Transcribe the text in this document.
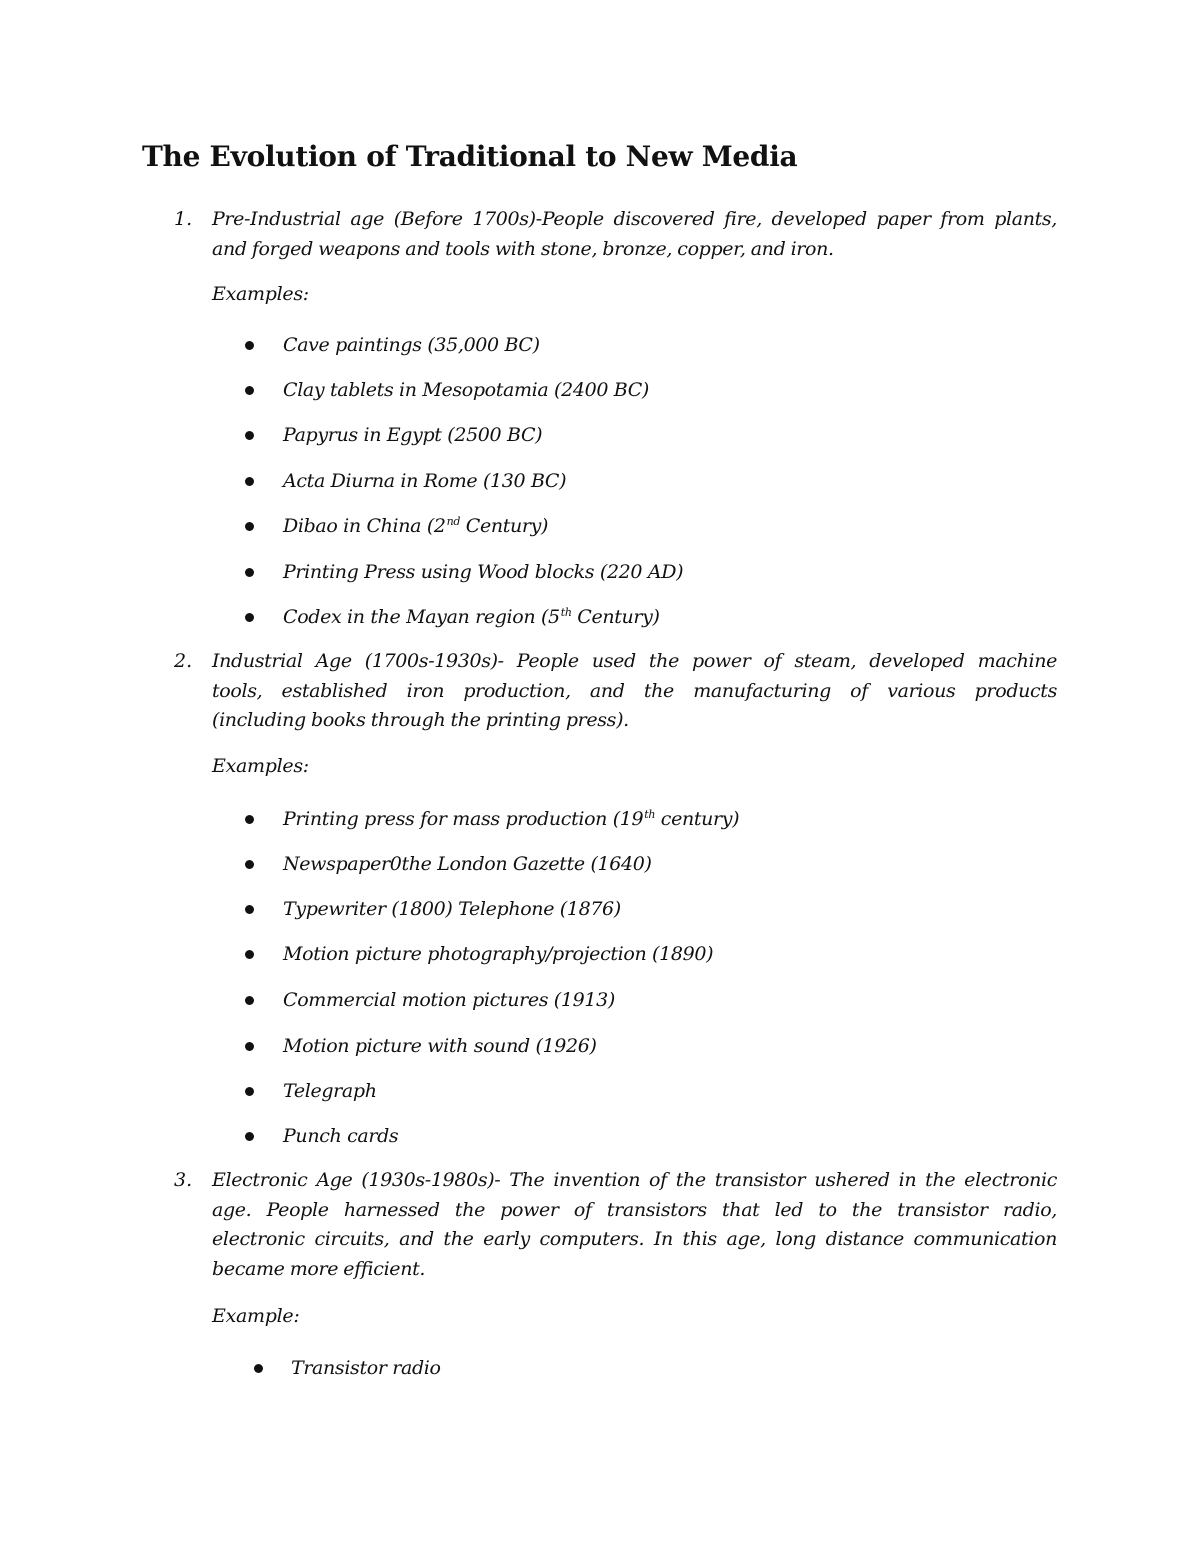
The Evolution of Traditional to New Media
1. Pre-Industrial age (Before 1700s)-People discovered fire, developed paper from plants,
and forged weapons and tools with stone, bronze, copper, and iron.
Examples:
Cave paintings (35,000 BC)
Clay tablets in Mesopotamia (2400 BC)
Papyrus in Egypt (2500 BC)
Acta Diurna in Rome (130 BC)
Dibao in China (2nd Century)
Printing Press using Wood blocks (220 AD)
Codex in the Mayan region (5th Century)
2. Industrial Age (1700s-1930s)- People used the power of steam, developed machine
tools, established iron production, and the manufacturing of various products
(including books through the printing press).
Examples:
Printing press for mass production (19th century)
Newspaper0the London Gazette (1640)
Typewriter (1800) Telephone (1876)
Motion picture photography/projection (1890)
Commercial motion pictures (1913)
Motion picture with sound (1926)
Telegraph
Punch cards
3. Electronic Age (1930s-1980s)- The invention of the transistor ushered in the electronic
age. People harnessed the power of transistors that led to the transistor radio,
electronic circuits, and the early computers. In this age, long distance communication
became more efficient.
Example:
Transistor radio
